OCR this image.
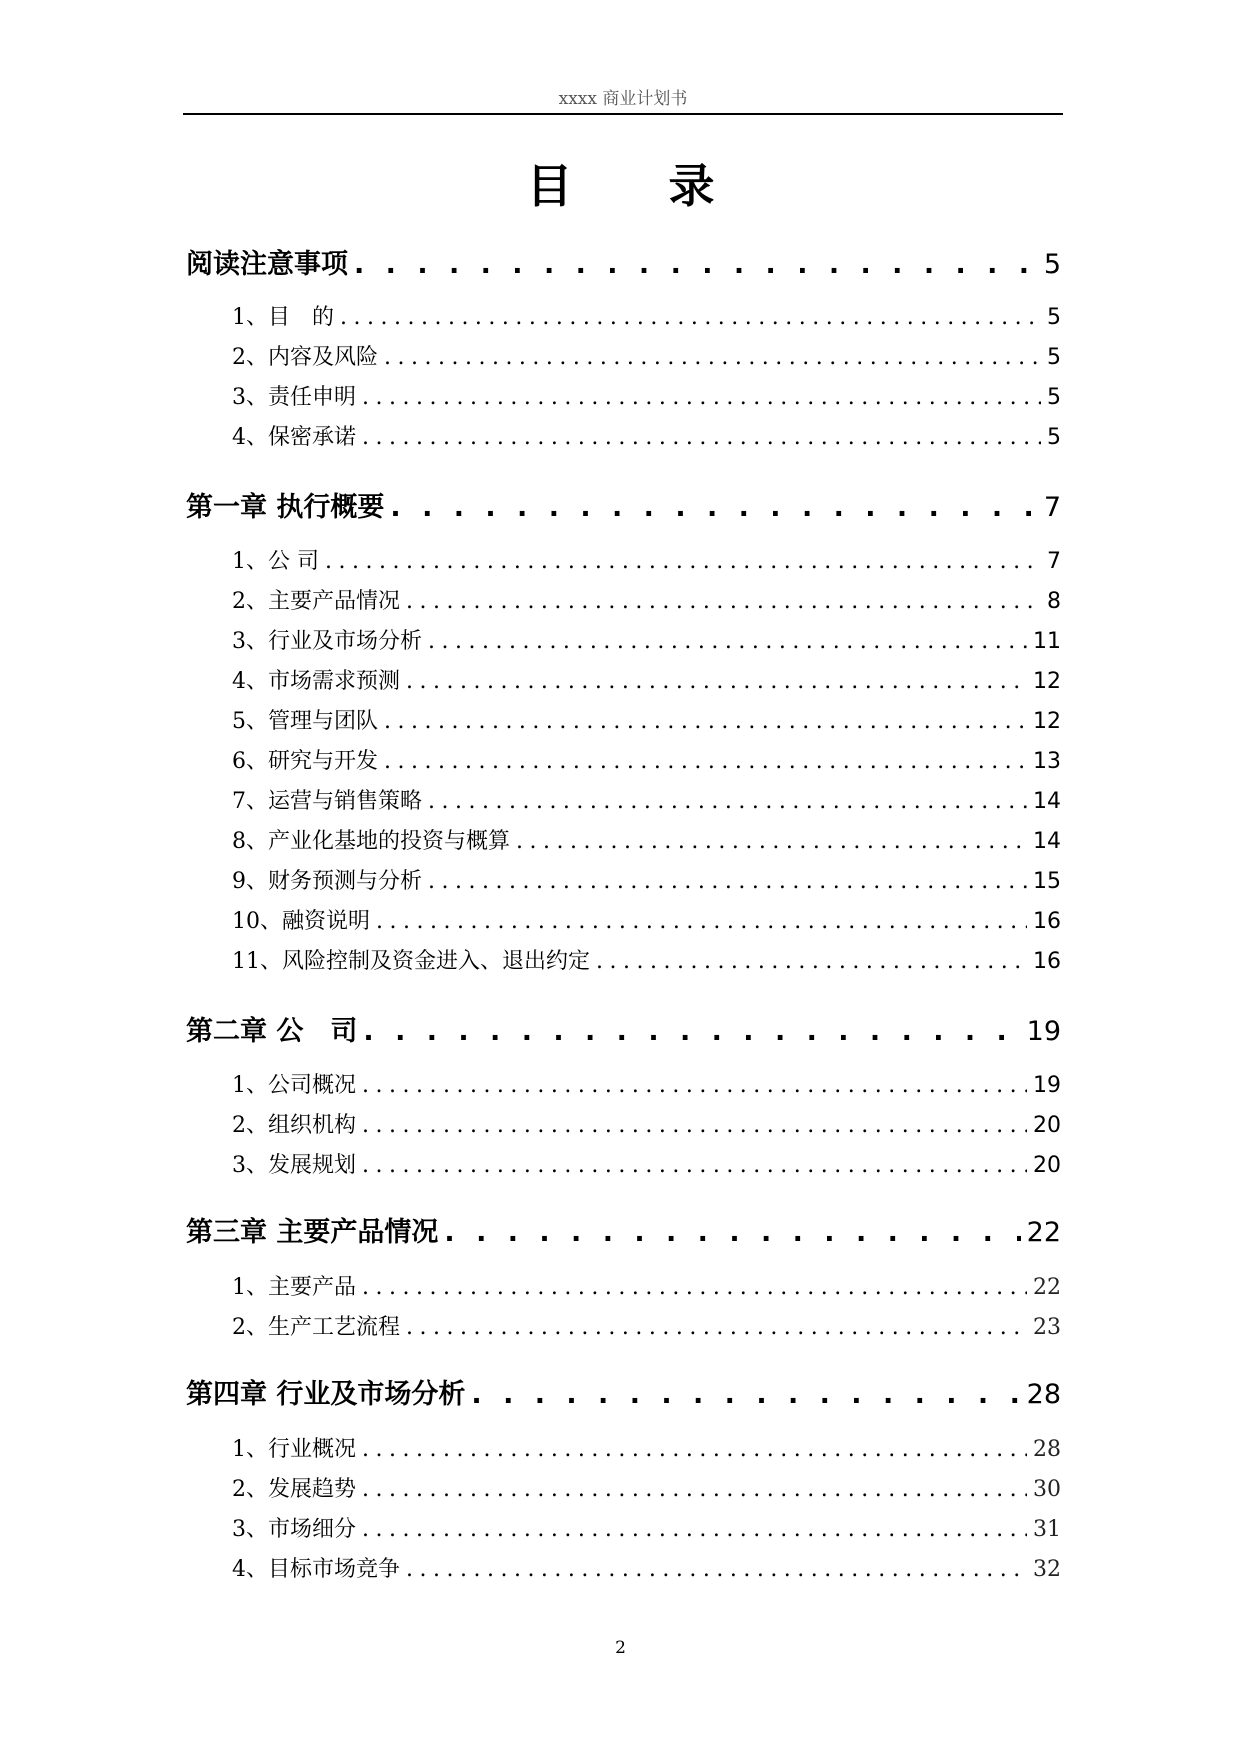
xxxx 商业计划书
目 录
阅读注意事项 . . .	5
1、目　的 .....	5
2、内容及风险 .....	5
3、责任申明 .....	5
4、保密承诺 .....	5
第一章 执行概要 . . .	7
1、公 司 .....	7
2、主要产品情况 .....	8
3、行业及市场分析 .....	11
4、市场需求预测 .....	12
5、管理与团队 .....	12
6、研究与开发 .....	13
7、运营与销售策略 .....	14
8、产业化基地的投资与概算 .....	14
9、财务预测与分析 .....	15
10、融资说明 .....	16
11、风险控制及资金进入、退出约定 .....	16
第二章 公　司 . . .	19
1、公司概况 .....	19
2、组织机构 .....	20
3、发展规划 .....	20
第三章 主要产品情况 . . .	22
1、主要产品 .....	22
2、生产工艺流程 .....	23
第四章 行业及市场分析 . . .	28
1、行业概况 .....	28
2、发展趋势 .....	30
3、市场细分 .....	31
4、目标市场竞争 .....	32
2
